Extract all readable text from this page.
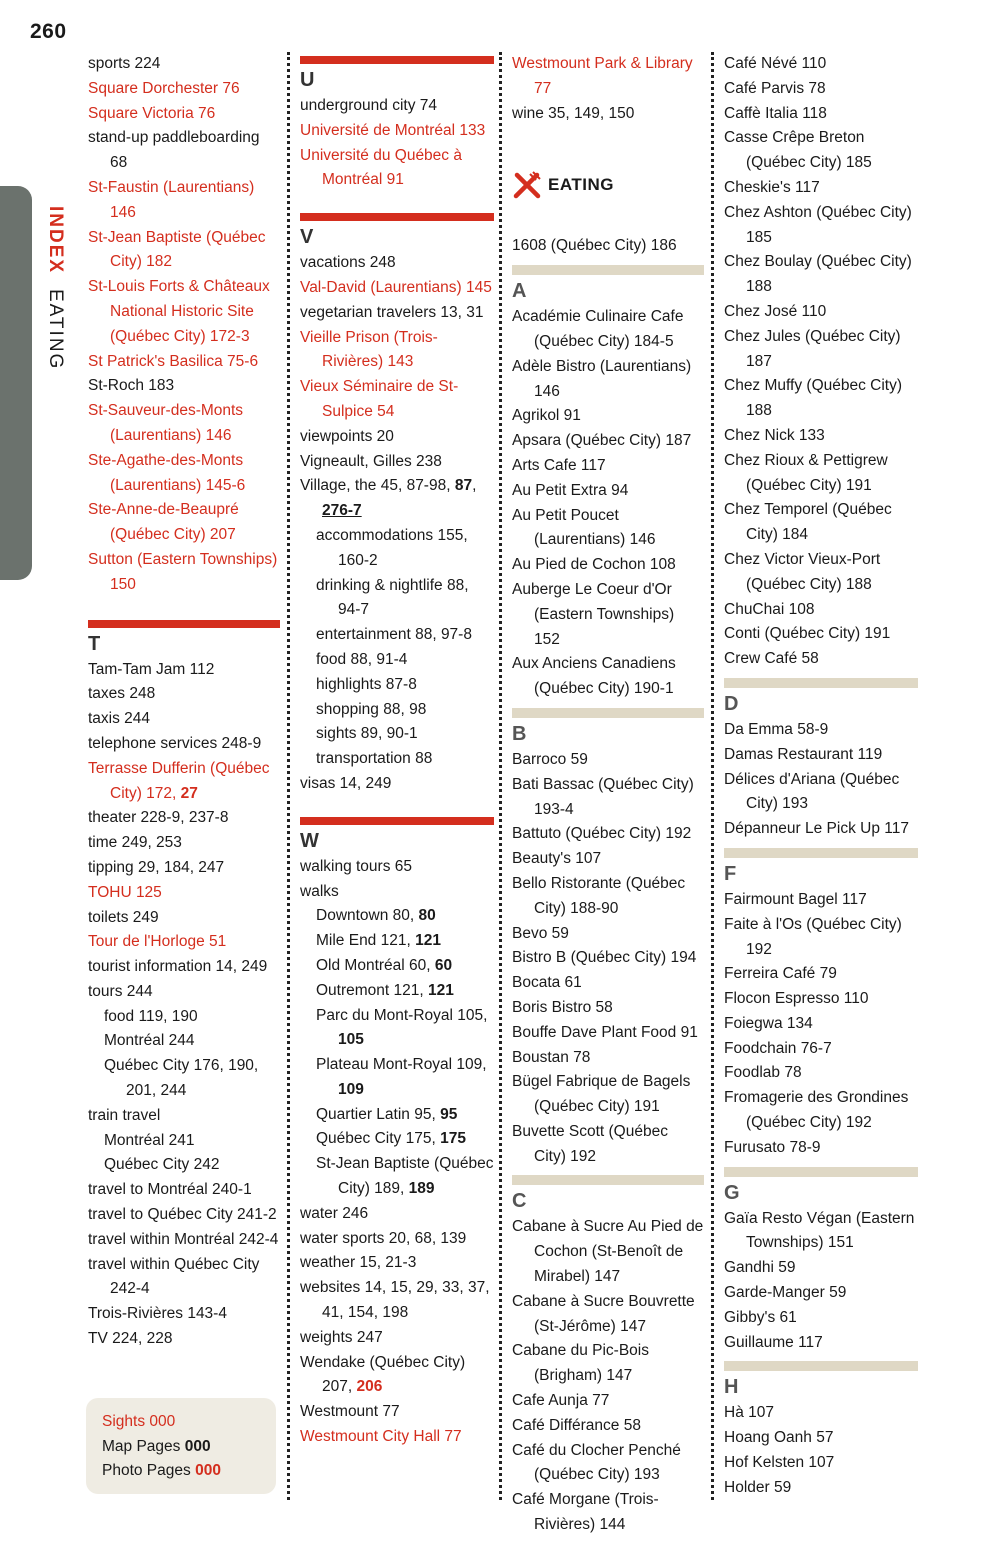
260
INDEX EATING
sports 224
Square Dorchester 76
Square Victoria 76
stand-up paddleboarding 68
St-Faustin (Laurentians) 146
St-Jean Baptiste (Québec City) 182
St-Louis Forts & Châteaux National Historic Site (Québec City) 172-3
St Patrick's Basilica 75-6
St-Roch 183
St-Sauveur-des-Monts (Laurentians) 146
Ste-Agathe-des-Monts (Laurentians) 145-6
Ste-Anne-de-Beaupré (Québec City) 207
Sutton (Eastern Townships) 150
T
Tam-Tam Jam 112
taxes 248
taxis 244
telephone services 248-9
Terrasse Dufferin (Québec City) 172, 27
theater 228-9, 237-8
time 249, 253
tipping 29, 184, 247
TOHU 125
toilets 249
Tour de l'Horloge 51
tourist information 14, 249
tours 244
food 119, 190
Montréal 244
Québec City 176, 190, 201, 244
train travel
Montréal 241
Québec City 242
travel to Montréal 240-1
travel to Québec City 241-2
travel within Montréal 242-4
travel within Québec City 242-4
Trois-Rivières 143-4
TV 224, 228
Sights 000
Map Pages 000
Photo Pages 000
U
underground city 74
Université de Montréal 133
Université du Québec à Montréal 91
V
vacations 248
Val-David (Laurentians) 145
vegetarian travelers 13, 31
Vieille Prison (Trois-Rivières) 143
Vieux Séminaire de St-Sulpice 54
viewpoints 20
Vigneault, Gilles 238
Village, the 45, 87-98, 87, 276-7
accommodations 155, 160-2
drinking & nightlife 88, 94-7
entertainment 88, 97-8
food 88, 91-4
highlights 87-8
shopping 88, 98
sights 89, 90-1
transportation 88
visas 14, 249
W
walking tours 65
walks
Downtown 80, 80
Mile End 121, 121
Old Montréal 60, 60
Outremont 121, 121
Parc du Mont-Royal 105, 105
Plateau Mont-Royal 109, 109
Quartier Latin 95, 95
Québec City 175, 175
St-Jean Baptiste (Québec City) 189, 189
water 246
water sports 20, 68, 139
weather 15, 21-3
websites 14, 15, 29, 33, 37, 41, 154, 198
weights 247
Wendake (Québec City) 207, 206
Westmount 77
Westmount City Hall 77
Westmount Park & Library 77
wine 35, 149, 150
EATING
1608 (Québec City) 186
A
Académie Culinaire Cafe (Québec City) 184-5
Adèle Bistro (Laurentians) 146
Agrikol 91
Apsara (Québec City) 187
Arts Cafe 117
Au Petit Extra 94
Au Petit Poucet (Laurentians) 146
Au Pied de Cochon 108
Auberge Le Coeur d'Or (Eastern Townships) 152
Aux Anciens Canadiens (Québec City) 190-1
B
Barroco 59
Bati Bassac (Québec City) 193-4
Battuto (Québec City) 192
Beauty's 107
Bello Ristorante (Québec City) 188-90
Bevo 59
Bistro B (Québec City) 194
Bocata 61
Boris Bistro 58
Bouffe Dave Plant Food 91
Boustan 78
Bügel Fabrique de Bagels (Québec City) 191
Buvette Scott (Québec City) 192
C
Cabane à Sucre Au Pied de Cochon (St-Benoît de Mirabel) 147
Cabane à Sucre Bouvrette (St-Jérôme) 147
Cabane du Pic-Bois (Brigham) 147
Cafe Aunja 77
Café Différance 58
Café du Clocher Penché (Québec City) 193
Café Morgane (Trois-Rivières) 144
Café Névé 110
Café Parvis 78
Caffè Italia 118
Casse Crêpe Breton (Québec City) 185
Cheskie's 117
Chez Ashton (Québec City) 185
Chez Boulay (Québec City) 188
Chez José 110
Chez Jules (Québec City) 187
Chez Muffy (Québec City) 188
Chez Nick 133
Chez Rioux & Pettigrew (Québec City) 191
Chez Temporel (Québec City) 184
Chez Victor Vieux-Port (Québec City) 188
ChuChai 108
Conti (Québec City) 191
Crew Café 58
D
Da Emma 58-9
Damas Restaurant 119
Délices d'Ariana (Québec City) 193
Dépanneur Le Pick Up 117
F
Fairmount Bagel 117
Faite à l'Os (Québec City) 192
Ferreira Café 79
Flocon Espresso 110
Foiegwa 134
Foodchain 76-7
Foodlab 78
Fromagerie des Grondines (Québec City) 192
Furusato 78-9
G
Gaïa Resto Végan (Eastern Townships) 151
Gandhi 59
Garde-Manger 59
Gibby's 61
Guillaume 117
H
Hà 107
Hoang Oanh 57
Hof Kelsten 107
Holder 59
